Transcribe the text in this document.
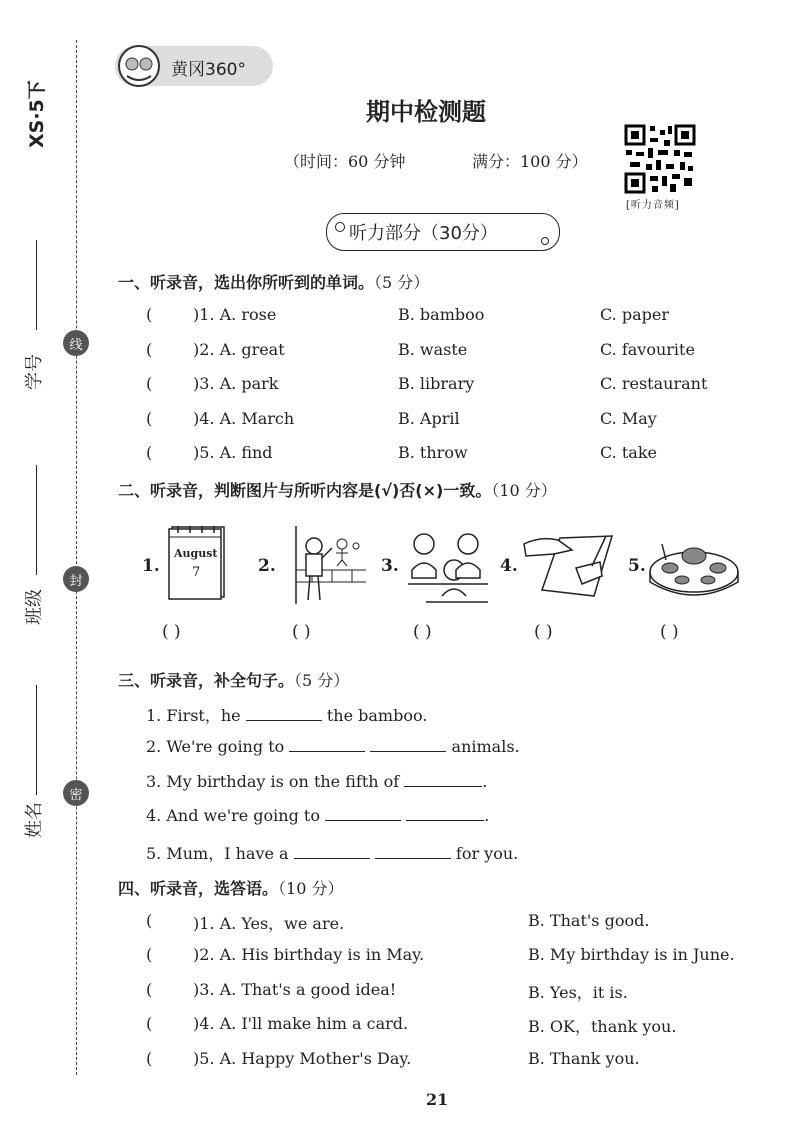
XS·5下
学号
班级
姓名
线
封
密
黄冈360°
期中检测题
（时间：60 分钟	满分：100 分）
[听力音频]
听力部分（30分）
一、听录音，选出你所听到的单词。（5 分）
(	)1. A. rose	B. bamboo	C. paper
(	)2. A. great	B. waste	C. favourite
(	)3. A. park	B. library	C. restaurant
(	)4. A. March	B. April	C. May
(	)5. A. find	B. throw	C. take
二、听录音，判断图片与所听内容是(√)否(×)一致。（10 分）
1.
August
7	2.	3.	4.	5.
( )	( )	( )	( )	( )
三、听录音，补全句子。（5 分）
1. First，he	the bamboo.
2. We're going to	animals.
3. My birthday is on the fifth of	.
4. And we're going to	.
5. Mum，I have a	for you.
四、听录音，选答语。（10 分）
(	)1. A. Yes，we are.	B. That's good.
(	)2. A. His birthday is in May.	B. My birthday is in June.
(	)3. A. That's a good idea!	B. Yes，it is.
(	)4. A. I'll make him a card.	B. OK，thank you.
(	)5. A. Happy Mother's Day.	B. Thank you.
21
